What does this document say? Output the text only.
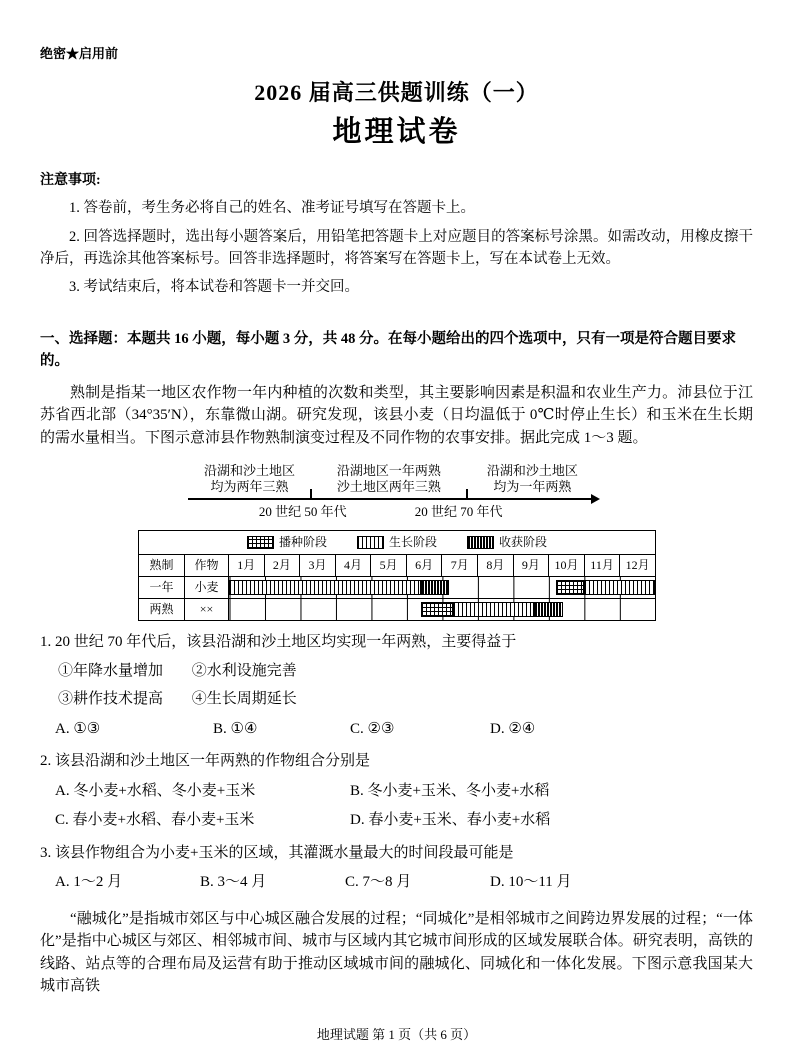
绝密★启用前
2026 届高三供题训练（一）
地理试卷
注意事项:

1. 答卷前，考生务必将自己的姓名、准考证号填写在答题卡上。

2. 回答选择题时，选出每小题答案后，用铅笔把答题卡上对应题目的答案标号涂黑。如需改动，用橡皮擦干净后，再选涂其他答案标号。回答非选择题时，将答案写在答题卡上，写在本试卷上无效。

3. 考试结束后，将本试卷和答题卡一并交回。

一、选择题：本题共 16 小题，每小题 3 分，共 48 分。在每小题给出的四个选项中，只有一项是符合题目要求的。

熟制是指某一地区农作物一年内种植的次数和类型，其主要影响因素是积温和农业生产力。沛县位于江苏省西北部（34°35′N），东靠微山湖。研究发现，该县小麦（日均温低于 0℃时停止生长）和玉米在生长期的需水量相当。下图示意沛县作物熟制演变过程及不同作物的农事安排。据此完成 1～3 题。

沿湖和沙土地区
均为两年三熟
沿湖地区一年两熟
沙土地区两年三熟
沿湖和沙土地区
均为一年两熟
20 世纪 50 年代	20 世纪 70 年代
播种阶段	生长阶段	收获阶段
熟制	作物	1月	2月	3月	4月	5月	6月	7月	8月	9月	10月	11月	12月
一年	小麦												

两熟	××												
1. 20 世纪 70 年代后，该县沿湖和沙土地区均实现一年两熟，主要得益于
①年降水量增加 ②水利设施完善
③耕作技术提高 ④生长周期延长
A. ①③	B. ①④	C. ②③	D. ②④
2. 该县沿湖和沙土地区一年两熟的作物组合分别是
A. 冬小麦+水稻、冬小麦+玉米	B. 冬小麦+玉米、冬小麦+水稻
C. 春小麦+水稻、春小麦+玉米	D. 春小麦+玉米、春小麦+水稻
3. 该县作物组合为小麦+玉米的区域，其灌溉水量最大的时间段最可能是
A. 1～2 月	B. 3～4 月	C. 7～8 月	D. 10～11 月

“融城化”是指城市郊区与中心城区融合发展的过程；“同城化”是相邻城市之间跨边界发展的过程；“一体化”是指中心城区与郊区、相邻城市间、城市与区域内其它城市间形成的区域发展联合体。研究表明，高铁的线路、站点等的合理布局及运营有助于推动区域城市间的融城化、同城化和一体化发展。下图示意我国某大城市高铁

地理试题 第 1 页（共 6 页）
